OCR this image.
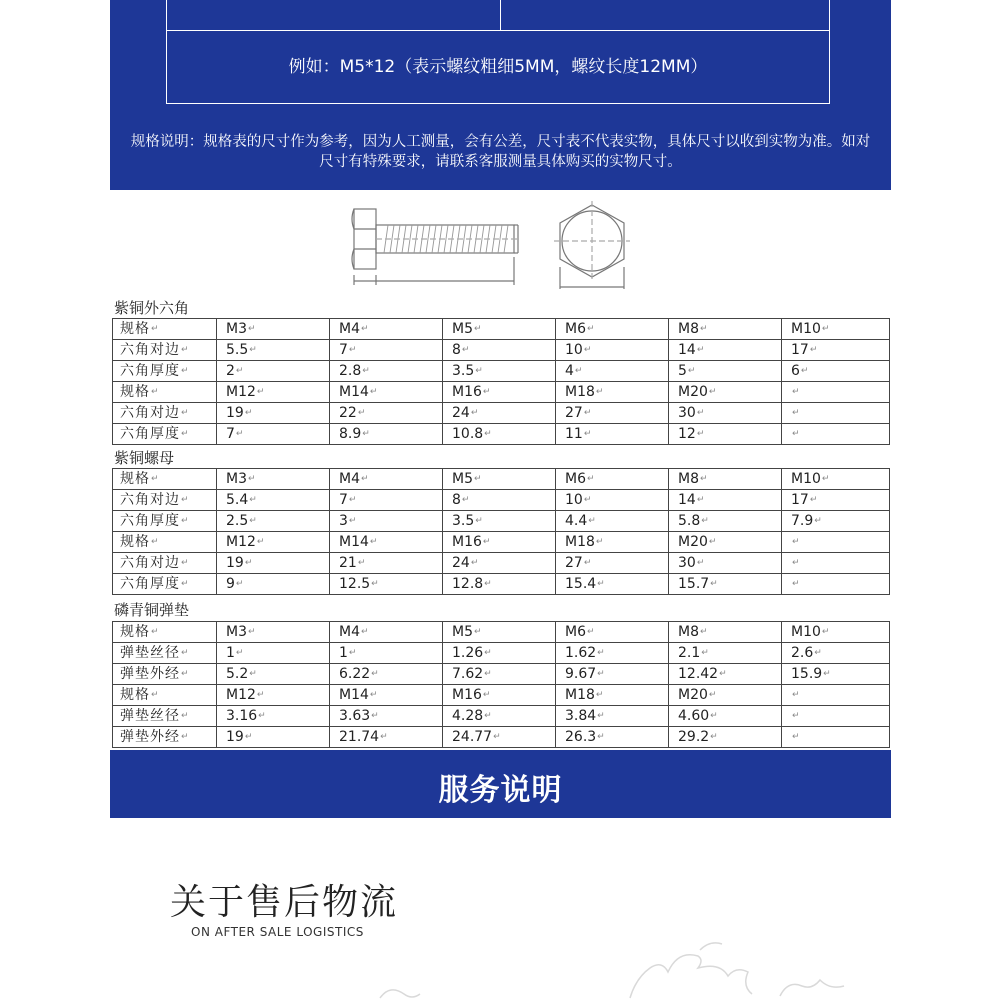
例如：M5*12（表示螺纹粗细5MM，螺纹长度12MM）
规格说明：规格表的尺寸作为参考，因为人工测量，会有公差，尺寸表不代表实物，具体尺寸以收到实物为准。如对尺寸有特殊要求，请联系客服测量具体购买的实物尺寸。
紫铜外六角
规格↵	M3↵	M4↵	M5↵	M6↵	M8↵	M10↵
六角对边↵	5.5↵	7↵	8↵	10↵	14↵	17↵
六角厚度↵	2↵	2.8↵	3.5↵	4↵	5↵	6↵
规格↵	M12↵	M14↵	M16↵	M18↵	M20↵	↵
六角对边↵	19↵	22↵	24↵	27↵	30↵	↵
六角厚度↵	7↵	8.9↵	10.8↵	11↵	12↵	↵
紫铜螺母
规格↵	M3↵	M4↵	M5↵	M6↵	M8↵	M10↵
六角对边↵	5.4↵	7↵	8↵	10↵	14↵	17↵
六角厚度↵	2.5↵	3↵	3.5↵	4.4↵	5.8↵	7.9↵
规格↵	M12↵	M14↵	M16↵	M18↵	M20↵	↵
六角对边↵	19↵	21↵	24↵	27↵	30↵	↵
六角厚度↵	9↵	12.5↵	12.8↵	15.4↵	15.7↵	↵
磷青铜弹垫
规格↵	M3↵	M4↵	M5↵	M6↵	M8↵	M10↵
弹垫丝径↵	1↵	1↵	1.26↵	1.62↵	2.1↵	2.6↵
弹垫外经↵	5.2↵	6.22↵	7.62↵	9.67↵	12.42↵	15.9↵
规格↵	M12↵	M14↵	M16↵	M18↵	M20↵	↵
弹垫丝径↵	3.16↵	3.63↵	4.28↵	3.84↵	4.60↵	↵
弹垫外经↵	19↵	21.74↵	24.77↵	26.3↵	29.2↵	↵
服务说明
关于售后物流
ON AFTER SALE LOGISTICS
